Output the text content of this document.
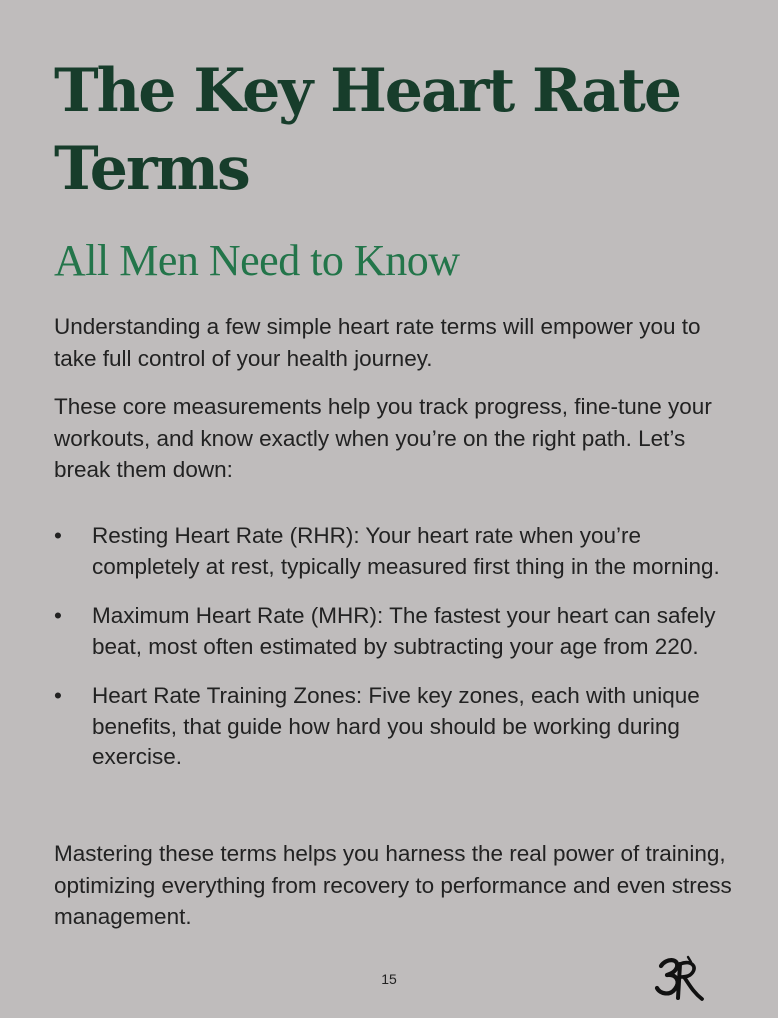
The Key Heart Rate Terms
All Men Need to Know

Understanding a few simple heart rate terms will empower you to take full control of your health journey.

These core measurements help you track progress, fine-tune your workouts, and know exactly when you’re on the right path. Let’s break them down:

• Resting Heart Rate (RHR): Your heart rate when you’re completely at rest, typically measured first thing in the morning.
• Maximum Heart Rate (MHR): The fastest your heart can safely beat, most often estimated by subtracting your age from 220.
• Heart Rate Training Zones: Five key zones, each with unique benefits, that guide how hard you should be working during exercise.

Mastering these terms helps you harness the real power of training, optimizing everything from recovery to performance and even stress management.

15
